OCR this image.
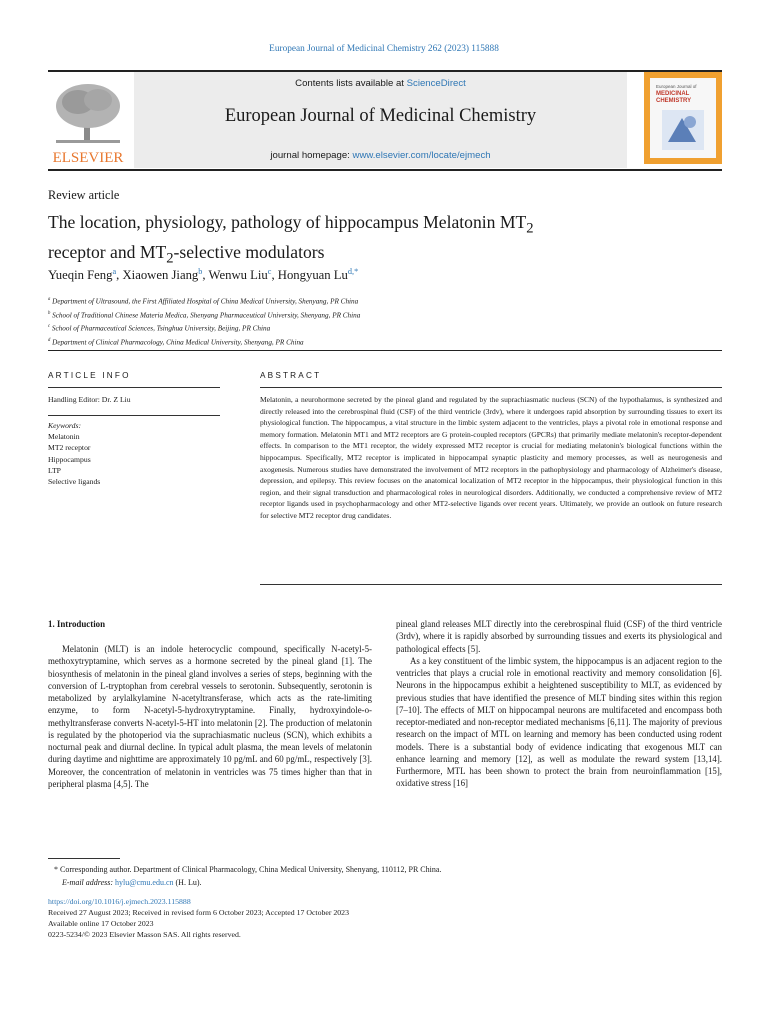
European Journal of Medicinal Chemistry 262 (2023) 115888
ELSEVIER
Contents lists available at ScienceDirect
European Journal of Medicinal Chemistry
journal homepage: www.elsevier.com/locate/ejmech
European Journal of
MEDICINAL
CHEMISTRY
Review article
The location, physiology, pathology of hippocampus Melatonin $MT_2$
receptor and $MT_2$-selective modulators
Yueqin Feng$^a$, Xiaowen Jiang$^b$, Wenwu Liu$^c$, Hongyuan Lu$^{d,*}$
$^a$ Department of Ultrasound, the First Affiliated Hospital of China Medical University, Shenyang, PR China
$^b$ School of Traditional Chinese Materia Medica, Shenyang Pharmaceutical University, Shenyang, PR China
$^c$ School of Pharmaceutical Sciences, Tsinghua University, Beijing, PR China
$^d$ Department of Clinical Pharmacology, China Medical University, Shenyang, PR China
ARTICLE INFO	ABSTRACT
Handling Editor: Dr. Z Liu
Keywords:
Melatonin
MT2 receptor
Hippocampus
LTP
Selective ligands
Melatonin, a neurohormone secreted by the pineal gland and regulated by the suprachiasmatic nucleus (SCN) of the hypothalamus, is synthesized and directly released into the cerebrospinal fluid (CSF) of the third ventricle (3rdv), where it undergoes rapid absorption by surrounding tissues to exert its physiological function. The hippocampus, a vital structure in the limbic system adjacent to the ventricles, plays a pivotal role in emotional response and memory formation. Melatonin MT1 and MT2 receptors are G protein-coupled receptors (GPCRs) that primarily mediate melatonin's receptor-dependent effects. In comparison to the MT1 receptor, the widely expressed MT2 receptor is crucial for mediating melatonin's biological functions within the hippocampus. Specifically, MT2 receptor is implicated in hippocampal synaptic plasticity and memory processes, as well as neurogenesis and axogenesis. Numerous studies have demonstrated the involvement of MT2 receptors in the pathophysiology and pharmacology of Alzheimer's disease, depression, and epilepsy. This review focuses on the anatomical localization of MT2 receptor in the hippocampus, their physiological function in this region, and their signal transduction and pharmacological roles in neurological disorders. Additionally, we conducted a comprehensive review of MT2 receptor ligands used in psychopharmacology and other MT2-selective ligands over recent years. Ultimately, we provide an outlook on future research for selective MT2 receptor drug candidates.
1. Introduction
Melatonin (MLT) is an indole heterocyclic compound, specifically N-acetyl-5-methoxytryptamine, which serves as a hormone secreted by the pineal gland [1]. The biosynthesis of melatonin in the pineal gland involves a series of steps, beginning with the conversion of L-tryptophan from cerebral vessels to serotonin. Subsequently, serotonin is metabolized by arylalkylamine N-acetyltransferase, which acts as the rate-limiting enzyme, to form N-acetyl-5-hydroxytryptamine. Finally, hydroxyindole-o-methyltransferase converts N-acetyl-5-HT into melatonin [2]. The production of melatonin is regulated by the photoperiod via the suprachiasmatic nucleus (SCN), which exhibits a nocturnal peak and diurnal decline. In typical adult plasma, the mean levels of melatonin during daytime and nighttime are approximately 10 pg/mL and 60 pg/mL, respectively [3]. Moreover, the concentration of melatonin in ventricles was 75 times higher than that in peripheral plasma [4,5]. The
pineal gland releases MLT directly into the cerebrospinal fluid (CSF) of the third ventricle (3rdv), where it is rapidly absorbed by surrounding tissues and exerts its physiological and pathological effects [5].
As a key constituent of the limbic system, the hippocampus is an adjacent region to the ventricles that plays a crucial role in emotional reactivity and memory consolidation [6]. Neurons in the hippocampus exhibit a heightened susceptibility to MLT, as evidenced by previous studies that have identified the presence of MLT binding sites within this region [7–10]. The effects of MLT on hippocampal neurons are multifaceted and encompass both receptor-mediated and non-receptor mediated mechanisms [6,11]. The majority of previous research on the impact of MTL on learning and memory has been conducted using rodent models. There is a substantial body of evidence indicating that exogenous MLT can enhance learning and memory [12], as well as modulate the reward system [13,14]. Furthermore, MTL has been shown to protect the brain from neuroinflammation [15], oxidative stress [16]
* Corresponding author. Department of Clinical Pharmacology, China Medical University, Shenyang, 110112, PR China.
E-mail address: hylu@cmu.edu.cn (H. Lu).
https://doi.org/10.1016/j.ejmech.2023.115888
Received 27 August 2023; Received in revised form 6 October 2023; Accepted 17 October 2023
Available online 17 October 2023
0223-5234/© 2023 Elsevier Masson SAS. All rights reserved.
